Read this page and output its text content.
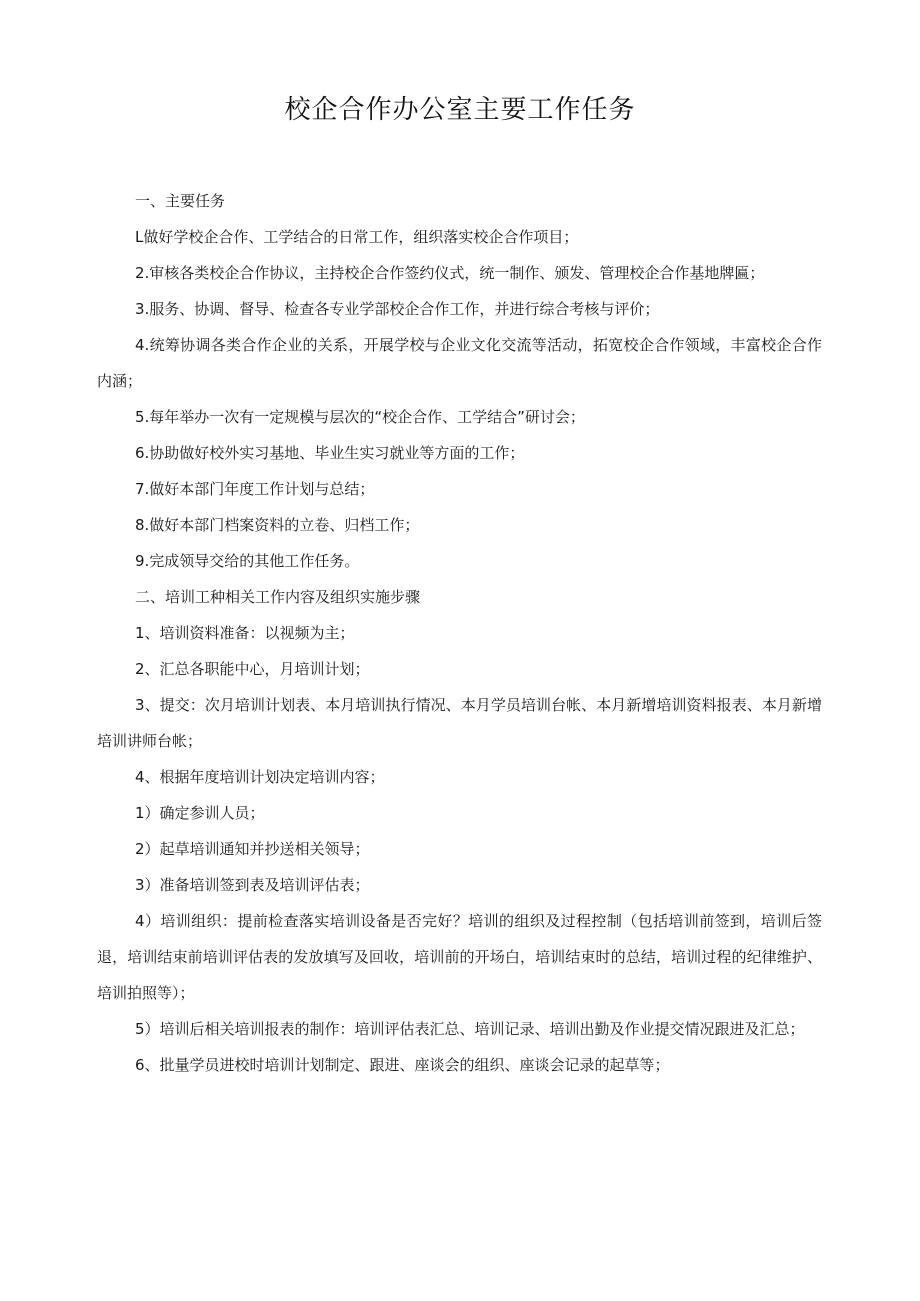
校企合作办公室主要工作任务

一、主要任务

L做好学校企合作、工学结合的日常工作，组织落实校企合作项目；

2.审核各类校企合作协议，主持校企合作签约仪式，统一制作、颁发、管理校企合作基地牌匾；

3.服务、协调、督导、检查各专业学部校企合作工作，并进行综合考核与评价；

4.统筹协调各类合作企业的关系，开展学校与企业文化交流等活动，拓宽校企合作领域，丰富校企合作内涵；

5.每年举办一次有一定规模与层次的“校企合作、工学结合”研讨会；

6.协助做好校外实习基地、毕业生实习就业等方面的工作；

7.做好本部门年度工作计划与总结；

8.做好本部门档案资料的立卷、归档工作；

9.完成领导交给的其他工作任务。

二、培训工种相关工作内容及组织实施步骤

1、培训资料准备：以视频为主；

2、汇总各职能中心，月培训计划；

3、提交：次月培训计划表、本月培训执行情况、本月学员培训台帐、本月新增培训资料报表、本月新增培训讲师台帐；

4、根据年度培训计划决定培训内容；

1）确定参训人员；

2）起草培训通知并抄送相关领导；

3）准备培训签到表及培训评估表；

4）培训组织：提前检查落实培训设备是否完好？培训的组织及过程控制（包括培训前签到，培训后签退，培训结束前培训评估表的发放填写及回收，培训前的开场白，培训结束时的总结，培训过程的纪律维护、培训拍照等）；

5）培训后相关培训报表的制作：培训评估表汇总、培训记录、培训出勤及作业提交情况跟进及汇总；

6、批量学员进校时培训计划制定、跟进、座谈会的组织、座谈会记录的起草等；
